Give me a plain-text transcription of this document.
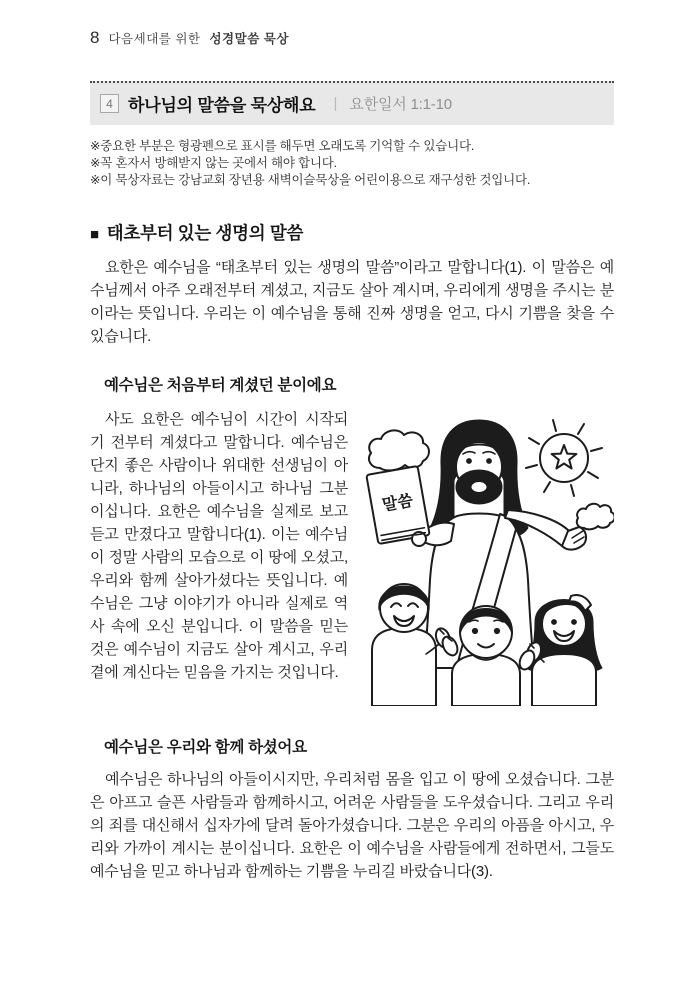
8 다음세대를 위한 성경말씀 묵상
4 하나님의 말씀을 묵상해요 | 요한일서 1:1-10
※중요한 부분은 형광펜으로 표시를 해두면 오래도록 기억할 수 있습니다.
※꼭 혼자서 방해받지 않는 곳에서 해야 합니다.
※이 묵상자료는 강남교회 장년용 새벽이슬묵상을 어린이용으로 재구성한 것입니다.
■ 태초부터 있는 생명의 말씀

요한은 예수님을 “태초부터 있는 생명의 말씀”이라고 말합니다(1). 이 말씀은 예수님께서 아주 오래전부터 계셨고, 지금도 살아 계시며, 우리에게 생명을 주시는 분이라는 뜻입니다. 우리는 이 예수님을 통해 진짜 생명을 얻고, 다시 기쁨을 찾을 수 있습니다.

예수님은 처음부터 계셨던 분이에요
말씀

사도 요한은 예수님이 시간이 시작되기 전부터 계셨다고 말합니다. 예수님은 단지 좋은 사람이나 위대한 선생님이 아니라, 하나님의 아들이시고 하나님 그분이십니다. 요한은 예수님을 실제로 보고 듣고 만졌다고 말합니다(1). 이는 예수님이 정말 사람의 모습으로 이 땅에 오셨고, 우리와 함께 살아가셨다는 뜻입니다. 예수님은 그냥 이야기가 아니라 실제로 역사 속에 오신 분입니다. 이 말씀을 믿는 것은 예수님이 지금도 살아 계시고, 우리 곁에 계신다는 믿음을 가지는 것입니다.

예수님은 우리와 함께 하셨어요

예수님은 하나님의 아들이시지만, 우리처럼 몸을 입고 이 땅에 오셨습니다. 그분은 아프고 슬픈 사람들과 함께하시고, 어려운 사람들을 도우셨습니다. 그리고 우리의 죄를 대신해서 십자가에 달려 돌아가셨습니다. 그분은 우리의 아픔을 아시고, 우리와 가까이 계시는 분이십니다. 요한은 이 예수님을 사람들에게 전하면서, 그들도 예수님을 믿고 하나님과 함께하는 기쁨을 누리길 바랐습니다(3).
